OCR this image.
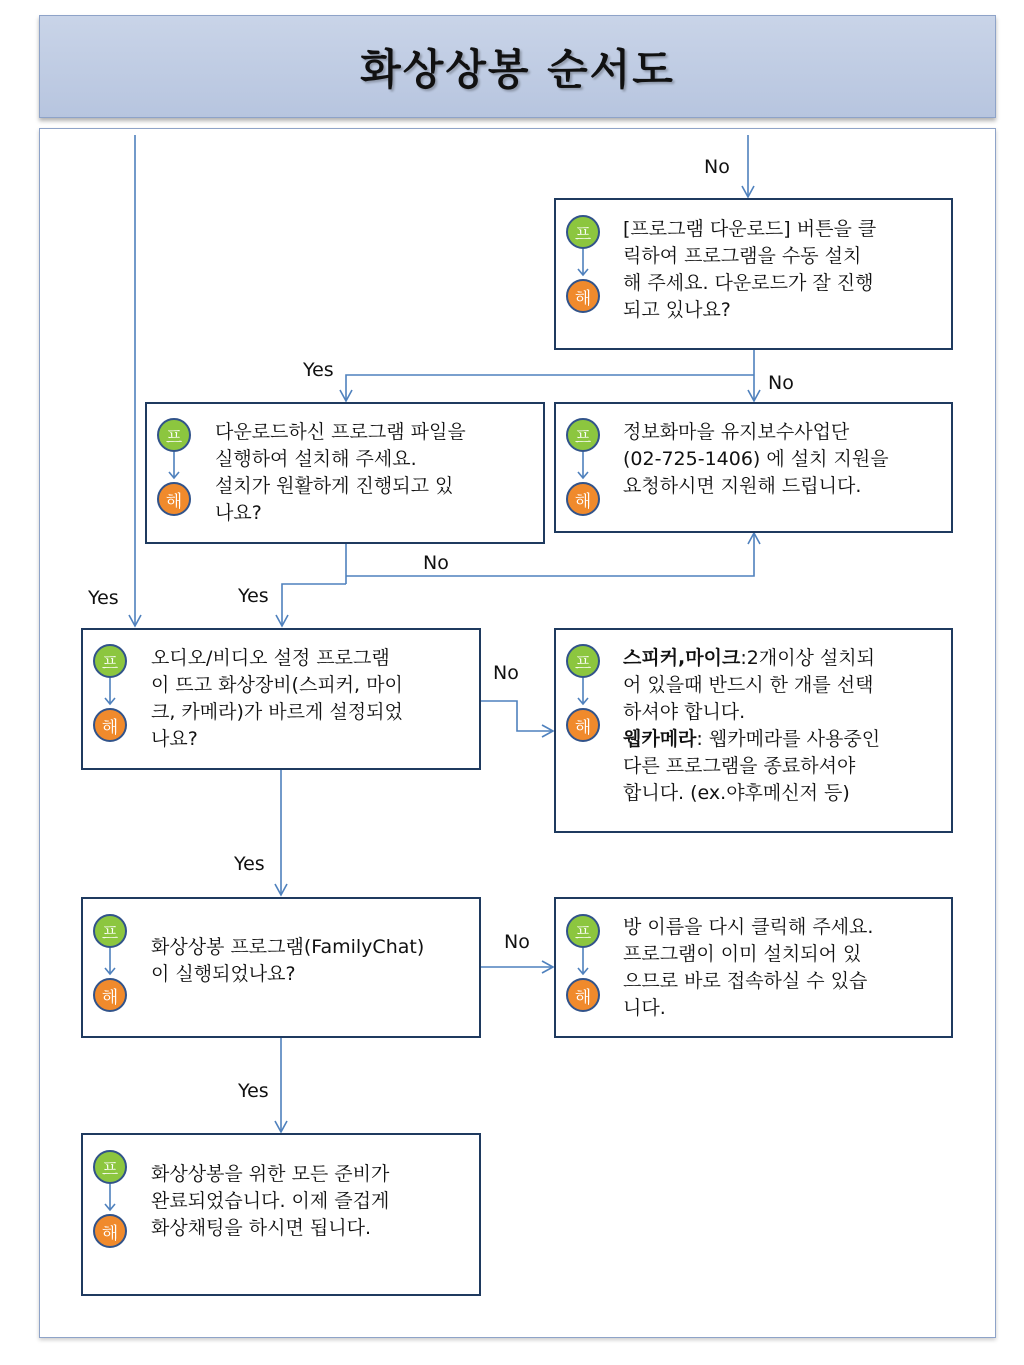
화상상봉 순서도
No
Yes
No
No
Yes	Yes
No
Yes
No
Yes
프
해
[프로그램 다운로드] 버튼을 클
릭하여 프로그램을 수동 설치
해 주세요. 다운로드가 잘 진행
되고 있나요?
프
해
다운로드하신 프로그램 파일을
실행하여 설치해 주세요.
설치가 원활하게 진행되고 있
나요?
프
해
정보화마을 유지보수사업단
(02-725-1406) 에 설치 지원을
요청하시면 지원해 드립니다.
프
해
오디오/비디오 설정 프로그램
이 뜨고 화상장비(스피커, 마이
크, 카메라)가 바르게 설정되었
나요?
프
해
스피커,마이크:2개이상 설치되
어 있을때 반드시 한 개를 선택
하셔야 합니다.
웹카메라: 웹카메라를 사용중인
다른 프로그램을 종료하셔야
합니다. (ex.야후메신저 등)
프
해
화상상봉 프로그램(FamilyChat)
이 실행되었나요?
프
해
방 이름을 다시 클릭해 주세요.
프로그램이 이미 설치되어 있
으므로 바로 접속하실 수 있습
니다.
프
해
화상상봉을 위한 모든 준비가
완료되었습니다. 이제 즐겁게
화상채팅을 하시면 됩니다.
